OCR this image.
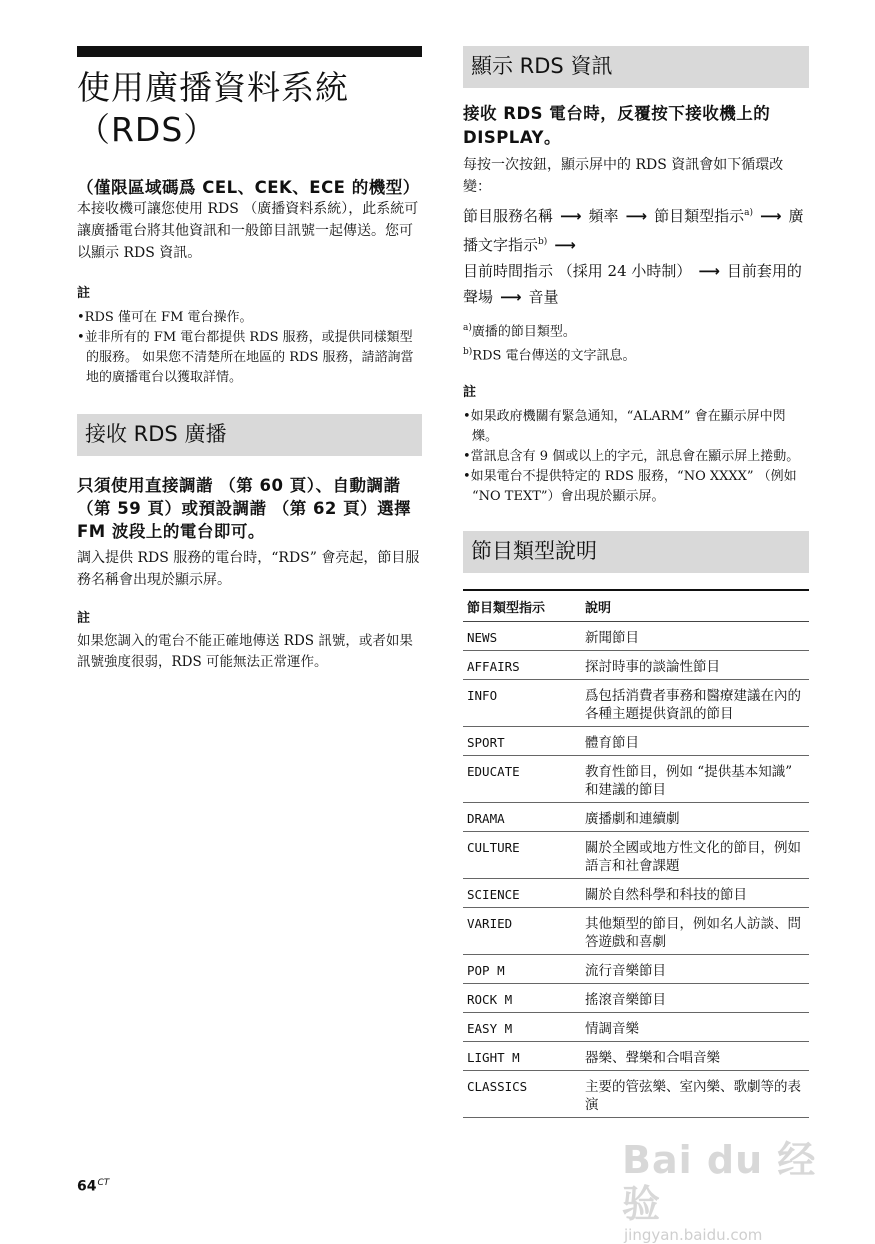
使用廣播資料系統
（RDS）

（僅限區域碼爲 CEL、CEK、ECE 的機型）

本接收機可讓您使用 RDS （廣播資料系統），此系統可讓廣播電台將其他資訊和一般節目訊號一起傳送。您可以顯示 RDS 資訊。

註

• RDS 僅可在 FM 電台操作。
• 並非所有的 FM 電台都提供 RDS 服務，或提供同樣類型的服務。 如果您不清楚所在地區的 RDS 服務，請諮詢當地的廣播電台以獲取詳情。
接收 RDS 廣播

只須使用直接調諧 （第 60 頁）、自動調諧 （第 59 頁）或預設調諧 （第 62 頁）選擇 FM 波段上的電台即可。

調入提供 RDS 服務的電台時，“RDS” 會亮起，節目服務名稱會出現於顯示屏。

註

如果您調入的電台不能正確地傳送 RDS 訊號，或者如果訊號強度很弱，RDS 可能無法正常運作。

顯示 RDS 資訊

接收 RDS 電台時，反覆按下接收機上的 DISPLAY。

每按一次按鈕，顯示屏中的 RDS 資訊會如下循環改變：

節目服務名稱 ⟶ 頻率 ⟶ 節目類型指示$^{a)}$ ⟶ 廣播文字指示$^{b)}$ ⟶目前時間指示 （採用 24 小時制） ⟶ 目前套用的聲場 ⟶ 音量

$^{a)}$廣播的節目類型。

$^{b)}$RDS 電台傳送的文字訊息。

註

• 如果政府機關有緊急通知，“ALARM” 會在顯示屏中閃爍。
• 當訊息含有 9 個或以上的字元，訊息會在顯示屏上捲動。
• 如果電台不提供特定的 RDS 服務，“NO XXXX” （例如 “NO TEXT”）會出現於顯示屏。
節目類型說明
節目類型指示	說明
NEWS	新聞節目
AFFAIRS	探討時事的談論性節目
INFO	爲包括消費者事務和醫療建議在內的各種主題提供資訊的節目
SPORT	體育節目
EDUCATE	教育性節目，例如 “提供基本知識” 和建議的節目
DRAMA	廣播劇和連續劇
CULTURE	關於全國或地方性文化的節目，例如語言和社會課題
SCIENCE	關於自然科學和科技的節目
VARIED	其他類型的節目，例如名人訪談、問答遊戲和喜劇
POP M	流行音樂節目
ROCK M	搖滾音樂節目
EASY M	情調音樂
LIGHT M	器樂、聲樂和合唱音樂
CLASSICS	主要的管弦樂、室內樂、歌劇等的表演
$64^{CT}$
Bai du 经验
jingyan.baidu.com
